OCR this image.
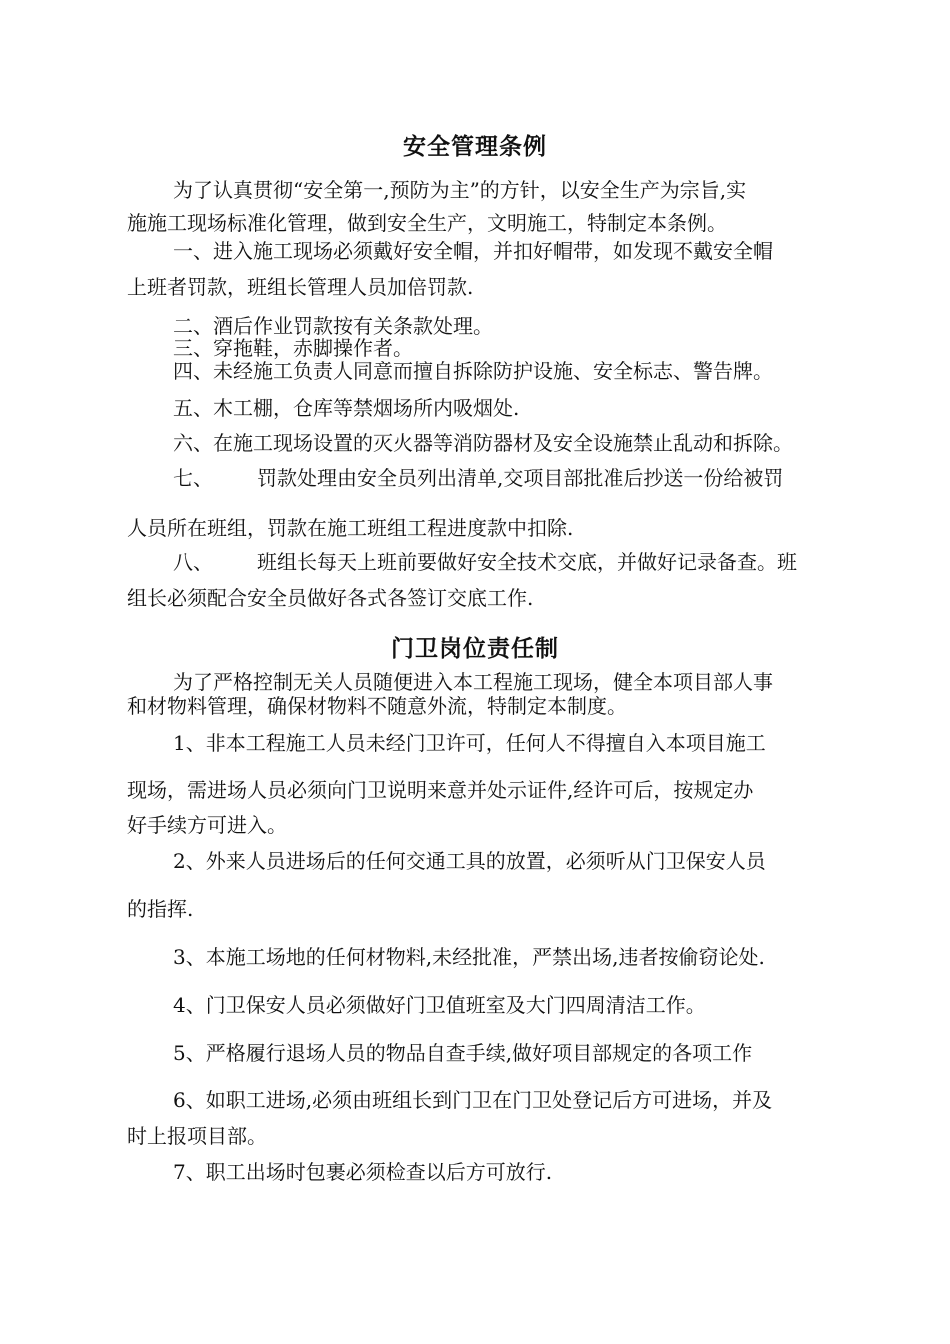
安全管理条例
为了认真贯彻“安全第一,预防为主”的方针，以安全生产为宗旨,实
施施工现场标准化管理，做到安全生产，文明施工，特制定本条例。
一、进入施工现场必须戴好安全帽，并扣好帽带，如发现不戴安全帽
上班者罚款，班组长管理人员加倍罚款.
二、酒后作业罚款按有关条款处理。
三、穿拖鞋，赤脚操作者。
四、未经施工负责人同意而擅自拆除防护设施、安全标志、警告牌。
五、木工棚，仓库等禁烟场所内吸烟处.
六、在施工现场设置的灭火器等消防器材及安全设施禁止乱动和拆除。
七、 罚款处理由安全员列出清单,交项目部批准后抄送一份给被罚
人员所在班组，罚款在施工班组工程进度款中扣除.
八、 班组长每天上班前要做好安全技术交底，并做好记录备查。班
组长必须配合安全员做好各式各签订交底工作.
门卫岗位责任制
为了严格控制无关人员随便进入本工程施工现场，健全本项目部人事
和材物料管理，确保材物料不随意外流，特制定本制度。
1、非本工程施工人员未经门卫许可，任何人不得擅自入本项目施工
现场，需进场人员必须向门卫说明来意并处示证件,经许可后，按规定办
好手续方可进入。
2、外来人员进场后的任何交通工具的放置，必须听从门卫保安人员
的指挥.
3、本施工场地的任何材物料,未经批准，严禁出场,违者按偷窃论处.
4、门卫保安人员必须做好门卫值班室及大门四周清洁工作。
5、严格履行退场人员的物品自查手续,做好项目部规定的各项工作
6、如职工进场,必须由班组长到门卫在门卫处登记后方可进场，并及
时上报项目部。
7、职工出场时包裹必须检查以后方可放行.
